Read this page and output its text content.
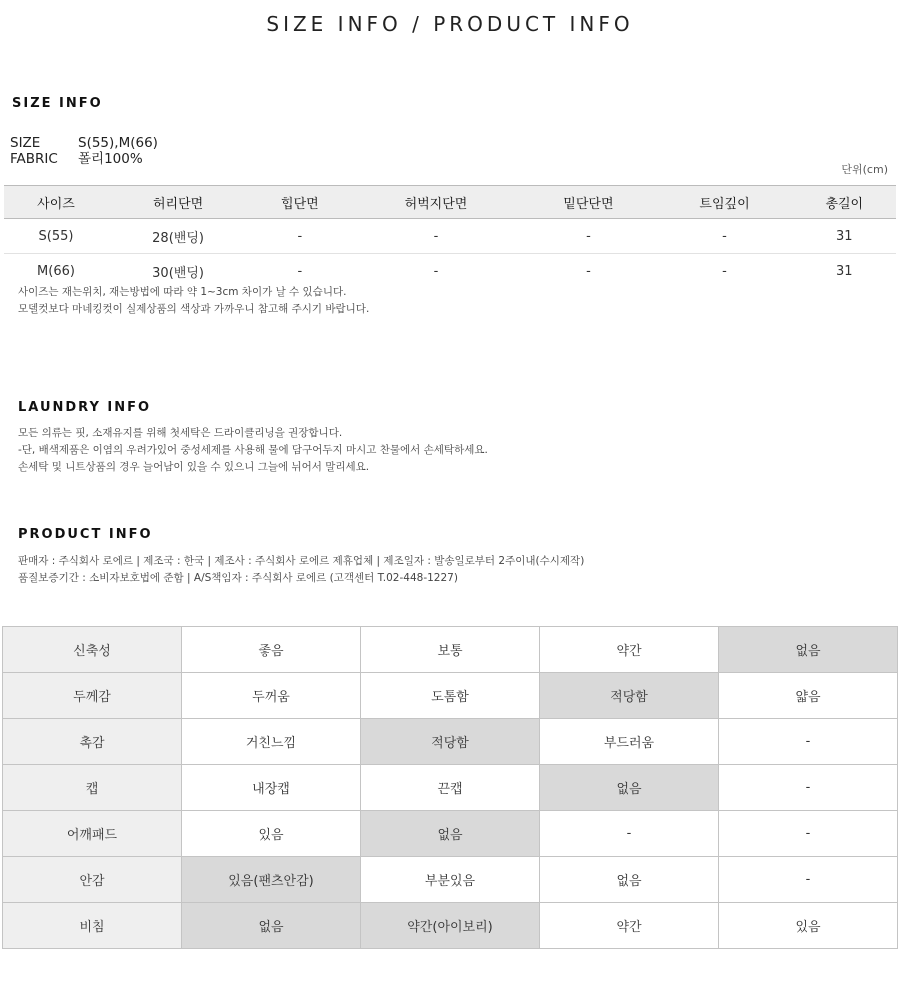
SIZE INFO / PRODUCT INFO
SIZE INFO
SIZE	S(55),M(66)
FABRIC 폴리100%
단위(cm)
사이즈	허리단면	힙단면	허벅지단면	밑단단면	트임깊이	총길이
S(55)	28(밴딩)	-	-	-	-	31
M(66)	30(밴딩)	-	-	-	-	31
사이즈는 재는위치, 재는방법에 따라 약 1~3cm 차이가 날 수 있습니다.
모델컷보다 마네킹컷이 실제상품의 색상과 가까우니 참고해 주시기 바랍니다.
LAUNDRY INFO
모든 의류는 핏, 소재유지를 위해 첫세탁은 드라이클리닝을 권장합니다.
-단, 배색제품은 이염의 우려가있어 중성세제를 사용해 물에 담구어두지 마시고 찬물에서 손세탁하세요.
손세탁 및 니트상품의 경우 늘어남이 있을 수 있으니 그늘에 뉘어서 말리세요.
PRODUCT INFO
판매자 : 주식회사 로에르 | 제조국 : 한국 | 제조사 : 주식회사 로에르 제휴업체 | 제조일자 : 발송일로부터 2주이내(수시제작)
품질보증기간 : 소비자보호법에 준함 | A/S책임자 : 주식회사 로에르 (고객센터 T.02-448-1227)
신축성	좋음	보통	약간	없음
두께감	두꺼움	도톰함	적당함	얇음
촉감	거친느낌	적당함	부드러움	-
캡	내장캡	끈캡	없음	-
어깨패드	있음	없음	-	-
안감	있음(팬츠안감)	부분있음	없음	-
비침	없음	약간(아이보리)	약간	있음
